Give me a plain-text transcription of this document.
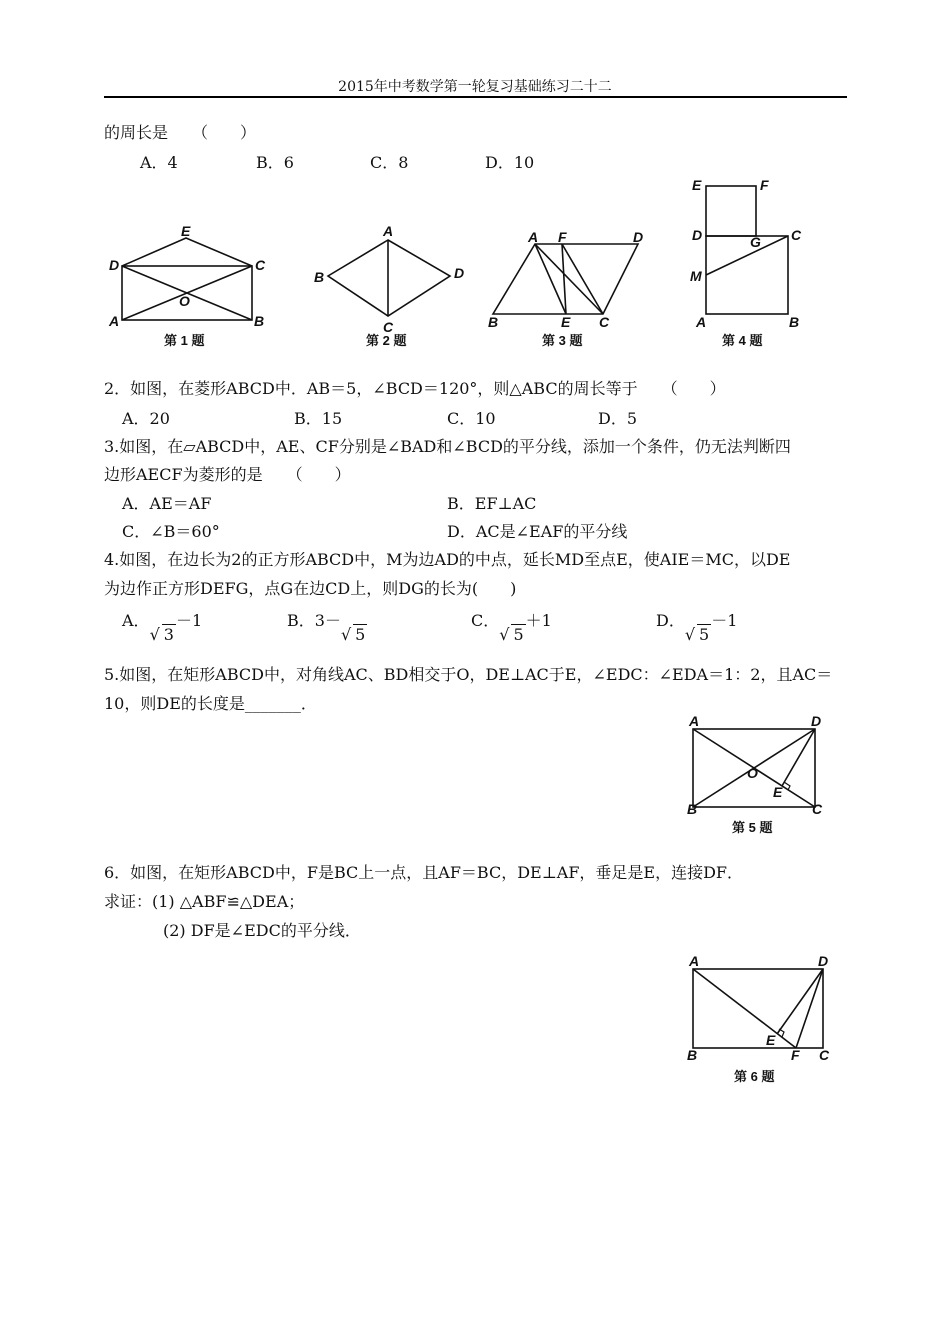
2015年中考数学第一轮复习基础练习二十二
的周长是　　（　　）
A．4	B．6	C．8	D．10
E
D	C
O
A	B
A
B	D
C
A F	D
B	E C
E	F
D	G C
M
A	B
第 1 题	第 2 题	第 3 题	第 4 题
2．如图，在菱形ABCD中．AB＝5，∠BCD＝120°，则△ABC的周长等于　　（　　）
A．20	B．15	C．10	D．5
3.如图，在▱ABCD中，AE、CF分别是∠BAD和∠BCD的平分线，添加一个条件，仍无法判断四
边形AECF为菱形的是　　（　　）
A．AE＝AF	B．EF⊥AC
C．∠B＝60°	D．AC是∠EAF的平分线
4.如图，在边长为2的正方形ABCD中，M为边AD的中点，延长MD至点E，使AIE＝MC，以DE
为边作正方形DEFG，点G在边CD上，则DG的长为(　　)
A．√ 3－1	B．3－√ 5
C．√ 5＋1	D．√ 5－1
5.如图，在矩形ABCD中，对角线AC、BD相交于O，DE⊥AC于E，∠EDC：∠EDA＝1：2，且AC＝
10，则DE的长度是_______．
A	D
O
E
B	C
第 5 题
6．如图，在矩形ABCD中，F是BC上一点，且AF＝BC，DE⊥AF，垂足是E，连接DF．
求证：(1) △ABF≌△DEA；
(2) DF是∠EDC的平分线．
A	D
E
B	F C
第 6 题
